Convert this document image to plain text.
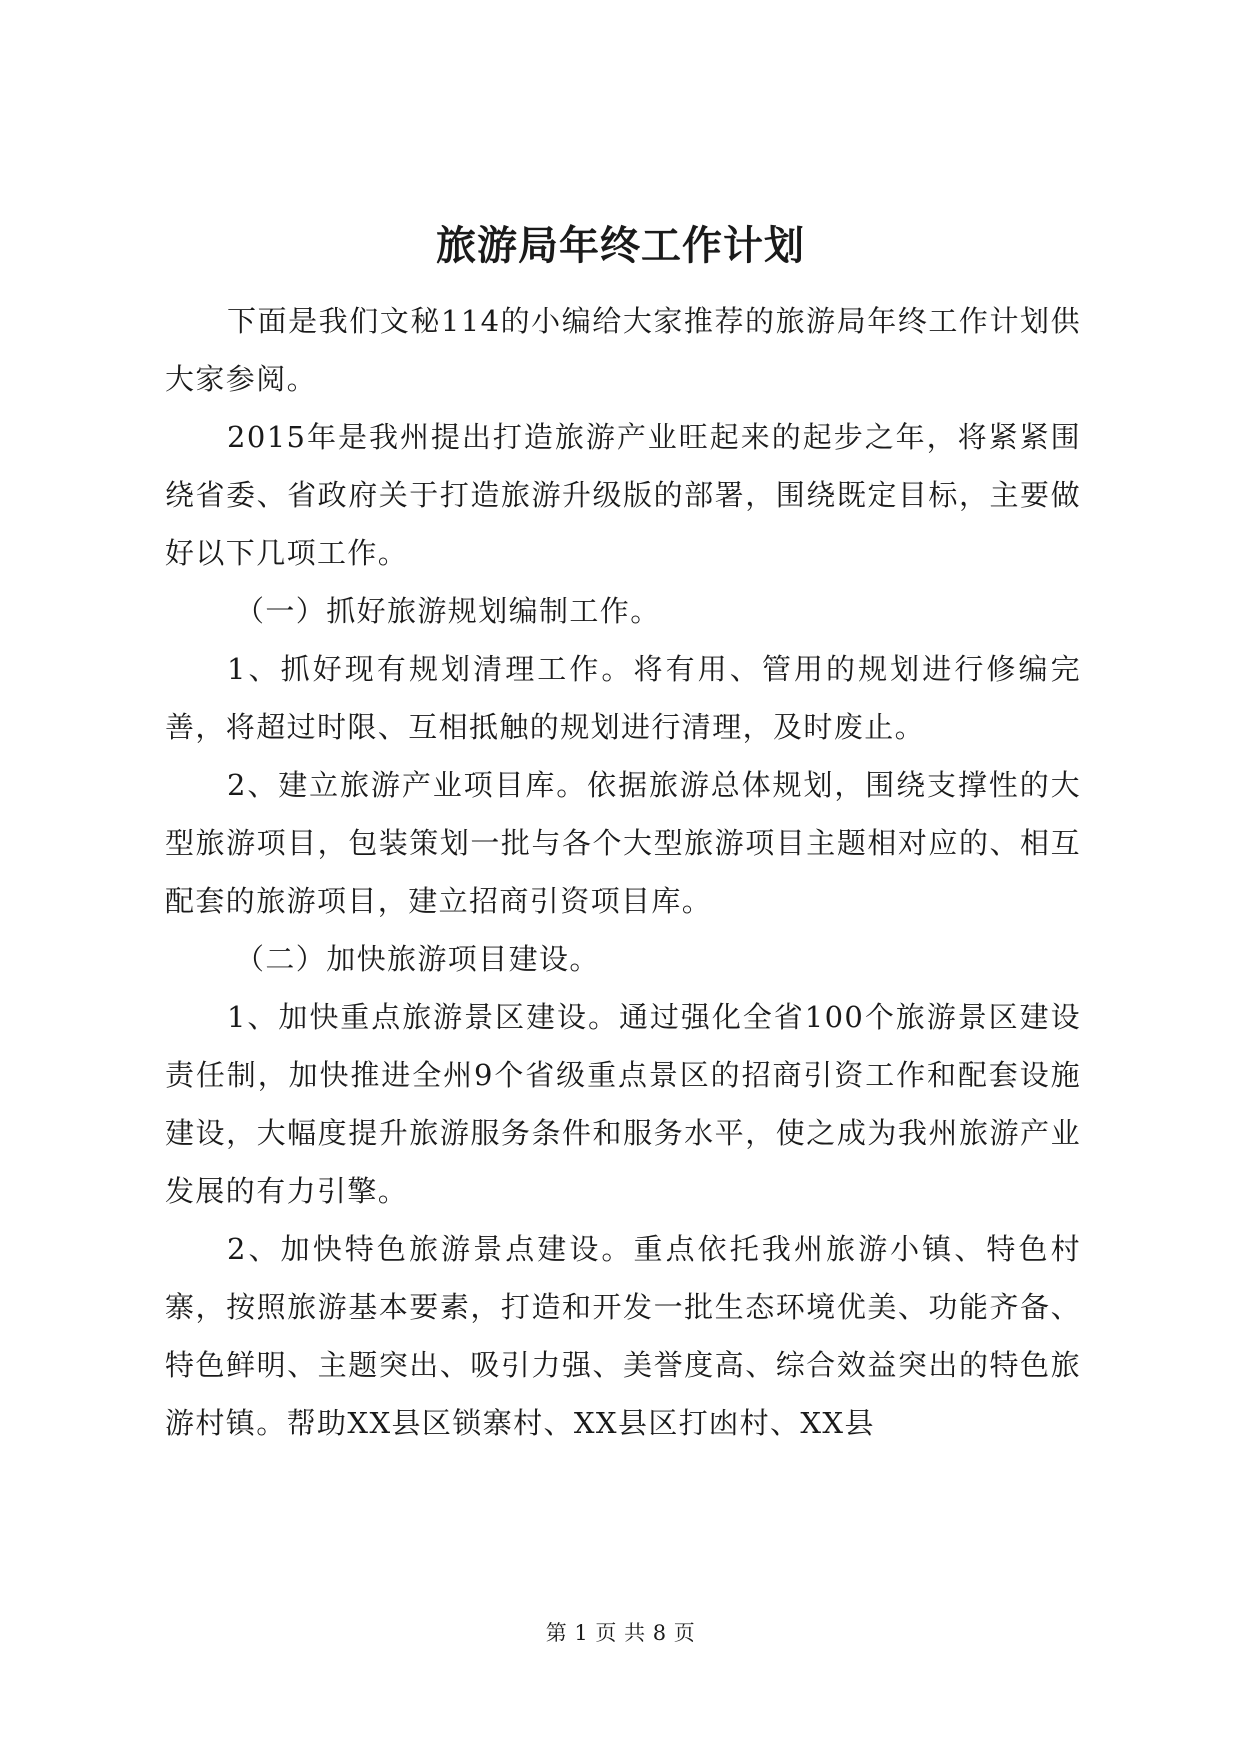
旅游局年终工作计划

下面是我们文秘114的小编给大家推荐的旅游局年终工作计划供大家参阅。

2015年是我州提出打造旅游产业旺起来的起步之年，将紧紧围绕省委、省政府关于打造旅游升级版的部署，围绕既定目标，主要做好以下几项工作。

（一）抓好旅游规划编制工作。

1、抓好现有规划清理工作。将有用、管用的规划进行修编完善，将超过时限、互相抵触的规划进行清理，及时废止。

2、建立旅游产业项目库。依据旅游总体规划，围绕支撑性的大型旅游项目，包装策划一批与各个大型旅游项目主题相对应的、相互配套的旅游项目，建立招商引资项目库。

（二）加快旅游项目建设。

1、加快重点旅游景区建设。通过强化全省100个旅游景区建设责任制，加快推进全州9个省级重点景区的招商引资工作和配套设施建设，大幅度提升旅游服务条件和服务水平，使之成为我州旅游产业发展的有力引擎。

2、加快特色旅游景点建设。重点依托我州旅游小镇、特色村寨，按照旅游基本要素，打造和开发一批生态环境优美、功能齐备、特色鲜明、主题突出、吸引力强、美誉度高、综合效益突出的特色旅游村镇。帮助XX县区锁寨村、XX县区打凼村、XX县

第 1 页 共 8 页
